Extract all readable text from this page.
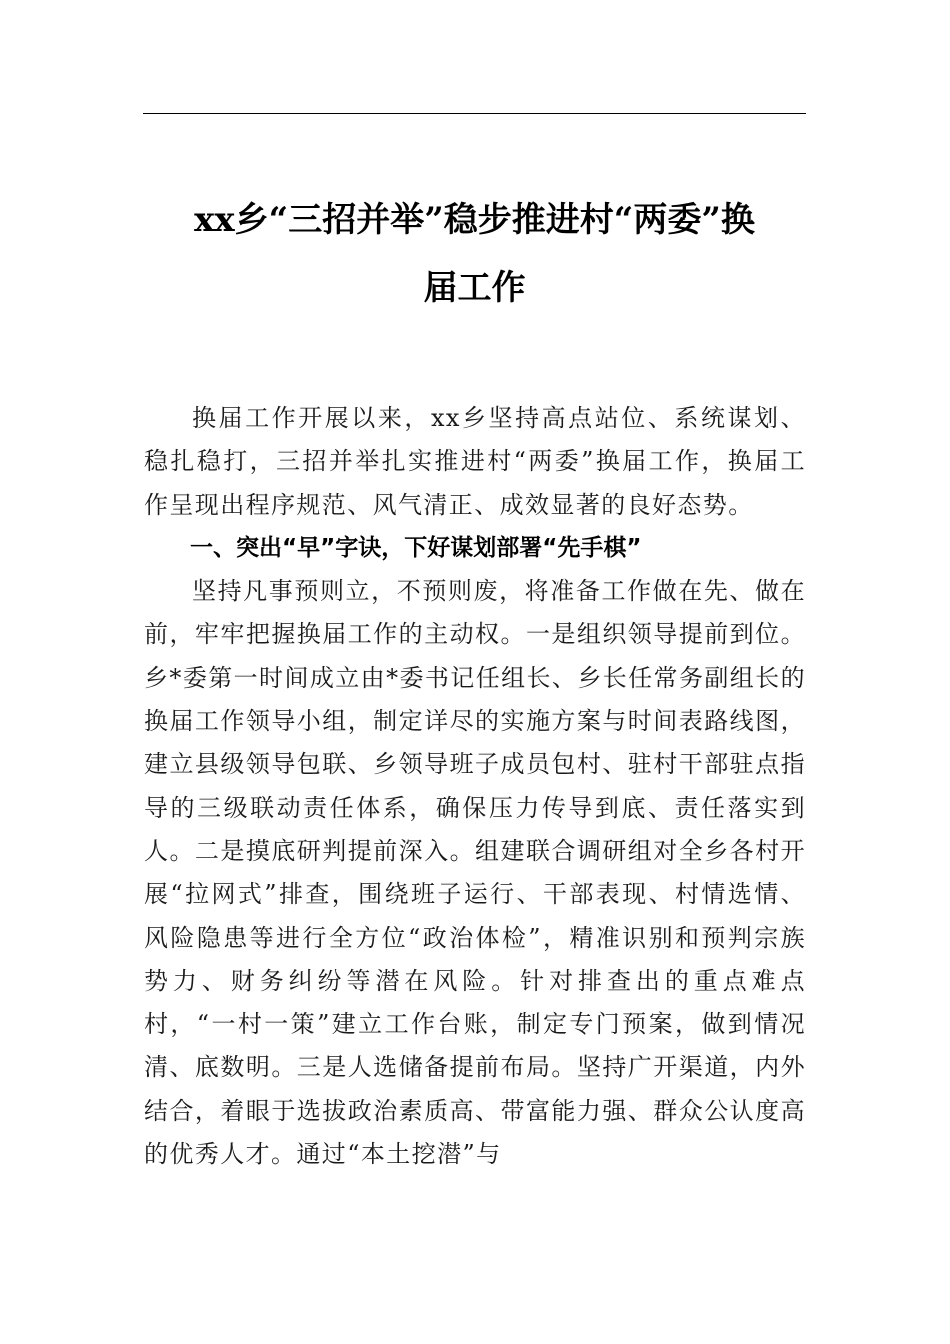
xx乡“三招并举”稳步推进村“两委”换
届工作

换届工作开展以来，xx乡坚持高点站位、系统谋划、稳扎稳打，三招并举扎实推进村“两委”换届工作，换届工作呈现出程序规范、风气清正、成效显著的良好态势。

一、突出“早”字诀，下好谋划部署“先手棋”

坚持凡事预则立，不预则废，将准备工作做在先、做在前，牢牢把握换届工作的主动权。一是组织领导提前到位。乡*委第一时间成立由*委书记任组长、乡长任常务副组长的换届工作领导小组，制定详尽的实施方案与时间表路线图，建立县级领导包联、乡领导班子成员包村、驻村干部驻点指导的三级联动责任体系，确保压力传导到底、责任落实到人。二是摸底研判提前深入。组建联合调研组对全乡各村开展“拉网式”排查，围绕班子运行、干部表现、村情选情、风险隐患等进行全方位“政治体检”，精准识别和预判宗族势力、财务纠纷等潜在风险。针对排查出的重点难点村，“一村一策”建立工作台账，制定专门预案，做到情况清、底数明。三是人选储备提前布局。坚持广开渠道，内外结合，着眼于选拔政治素质高、带富能力强、群众公认度高的优秀人才。通过“本土挖潜”与
